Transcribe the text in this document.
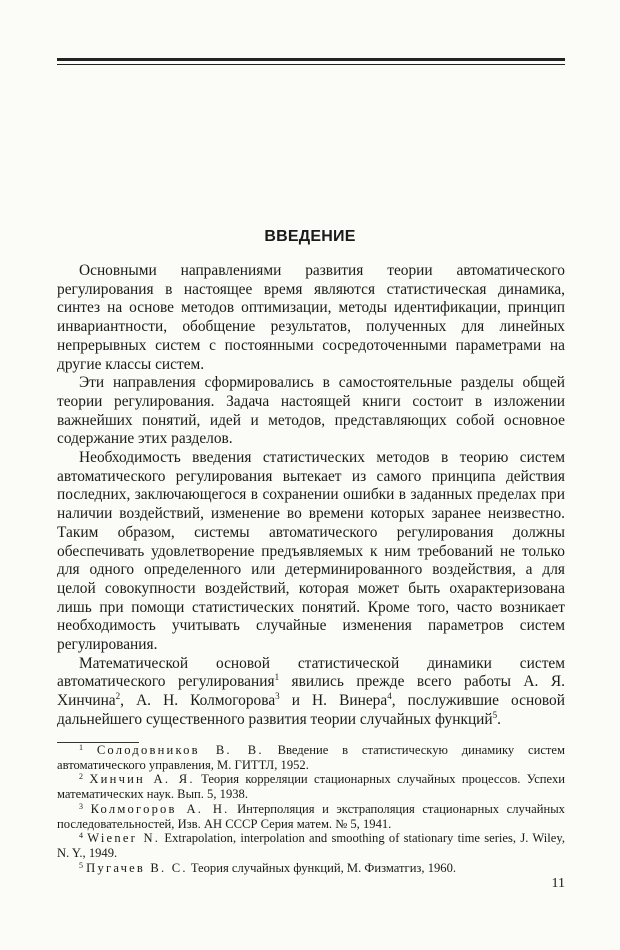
ВВЕДЕНИЕ

Основными направлениями развития теории автоматического регулирования в настоящее время являются статистическая динамика, синтез на основе методов оптимизации, методы идентификации, принцип инвариантности, обобщение результатов, полученных для линейных непрерывных систем с постоянными сосредоточенными параметрами на другие классы систем.

Эти направления сформировались в самостоятельные разделы общей теории регулирования. Задача настоящей книги состоит в изложении важнейших понятий, идей и методов, представляющих собой основное содержание этих разделов.

Необходимость введения статистических методов в теорию систем автоматического регулирования вытекает из самого принципа действия последних, заключающегося в сохранении ошибки в заданных пределах при наличии воздействий, изменение во времени которых заранее неизвестно. Таким образом, системы автоматического регулирования должны обеспечивать удовлетворение предъявляемых к ним требований не только для одного определенного или детерминированного воздействия, а для целой совокупности воздействий, которая может быть охарактеризована лишь при помощи статистических понятий. Кроме того, часто возникает необходимость учитывать случайные изменения параметров систем регулирования.

Математической основой статистической динамики систем автоматического регулирования$^1$ явились прежде всего работы А. Я. Хинчина$^2$, А. Н. Колмогорова$^3$ и Н. Винера$^4$, послужившие основой дальнейшего существенного развития теории случайных функций$^5$.

$^1$ Солодовников В. В. Введение в статистическую динамику систем автоматического управления, М. ГИТТЛ, 1952.

$^2$ Хинчин А. Я. Теория корреляции стационарных случайных процессов. Успехи математических наук. Вып. 5, 1938.

$^3$ Колмогоров А. Н. Интерполяция и экстраполяция стационарных случайных последовательностей, Изв. АН СССР Серия матем. № 5, 1941.

$^4$ Wiener N. Extrapolation, interpolation and smoothing of stationary time series, J. Wiley, N. Y., 1949.

$^5$ Пугачев В. С. Теория случайных функций, М. Физматгиз, 1960.

11
